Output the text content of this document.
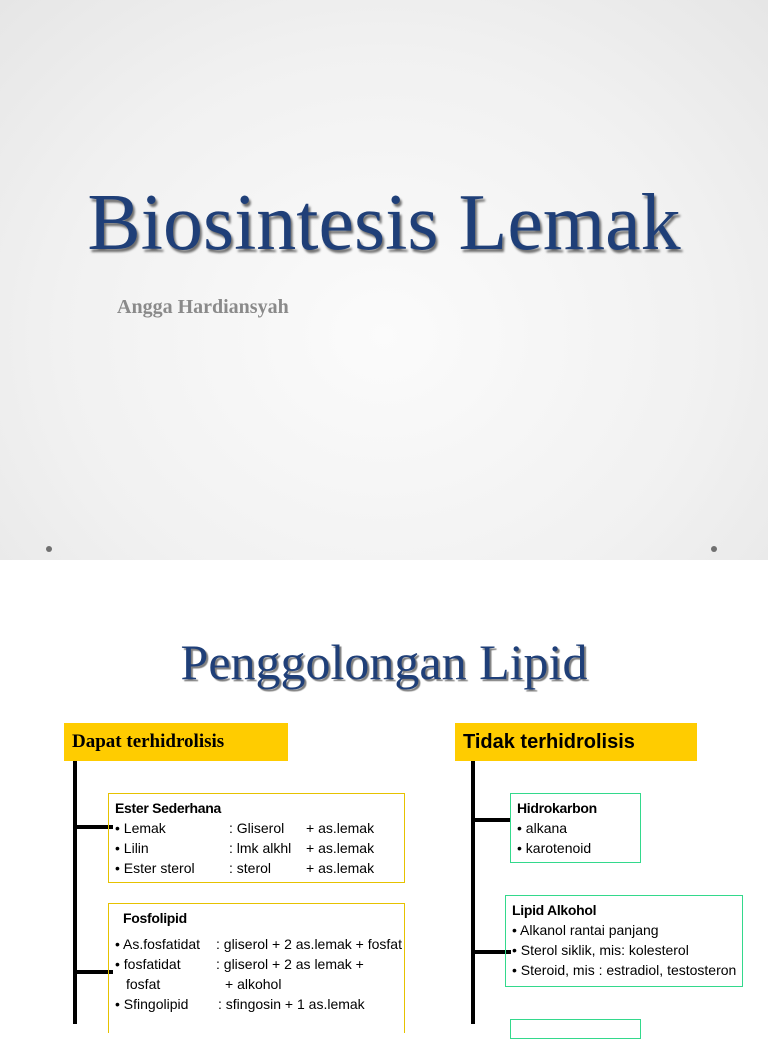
Biosintesis Lemak
Angga Hardiansyah
Penggolongan Lipid
Dapat terhidrolisis	Tidak terhidrolisis
Ester Sederhana
• Lemak	: Gliserol + as.lemak
• Lilin	: lmk alkhl + as.lemak
• Ester sterol : sterol + as.lemak
Fosfolipid
• As.fosfatidat : gliserol + 2 as.lemak + fosfat
• fosfatidat	: gliserol + 2 as lemak +
fosfat	+ alkohol
• Sfingolipid : sfingosin + 1 as.lemak
Hidrokarbon
• alkana
• karotenoid
Lipid Alkohol
• Alkanol rantai panjang
• Sterol siklik, mis: kolesterol
• Steroid, mis : estradiol, testosteron
